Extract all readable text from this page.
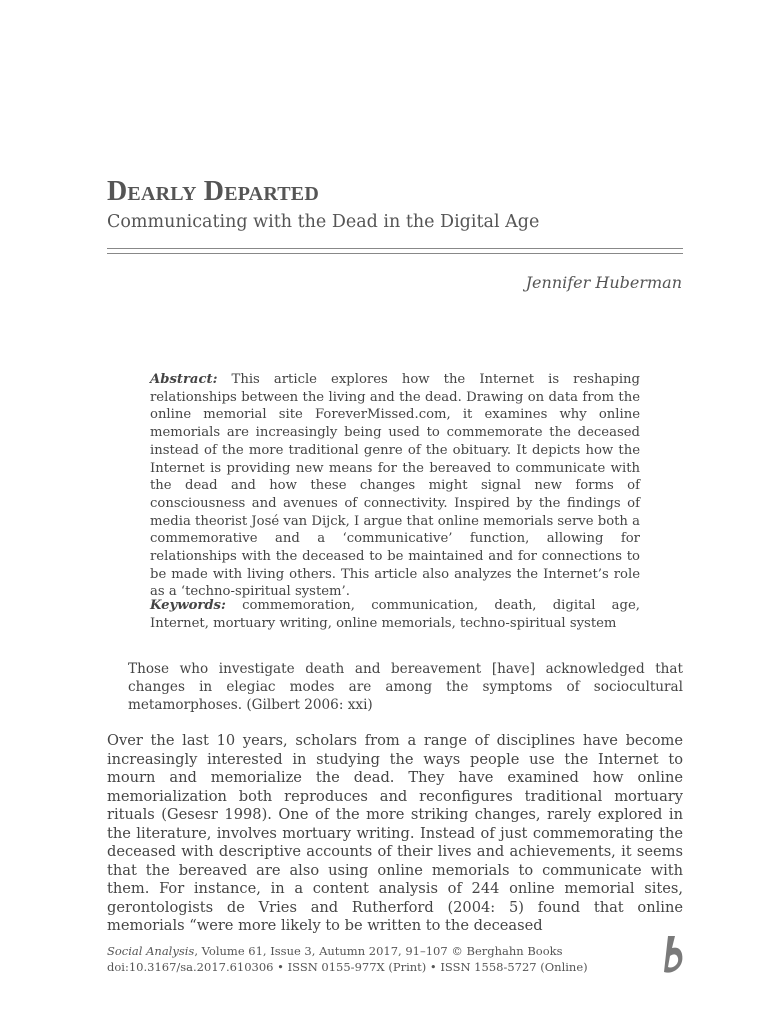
Dearly Departed
Communicating with the Dead in the Digital Age
Jennifer Huberman

Abstract: This article explores how the Internet is reshaping relationships between the living and the dead. Drawing on data from the online memorial site ForeverMissed.com, it examines why online memorials are increasingly being used to commemorate the deceased instead of the more traditional genre of the obituary. It depicts how the Internet is providing new means for the bereaved to communicate with the dead and how these changes might signal new forms of consciousness and avenues of connectivity. Inspired by the findings of media theorist José van Dijck, I argue that online memorials serve both a commemorative and a ‘communicative’ function, allowing for relationships with the deceased to be maintained and for connections to be made with living others. This article also analyzes the Internet’s role as a ‘techno-spiritual system’.

Keywords: commemoration, communication, death, digital age, Internet, mortuary writing, online memorials, techno-spiritual system

Those who investigate death and bereavement [have] acknowledged that changes in elegiac modes are among the symptoms of sociocultural metamorphoses. (Gilbert 2006: xxi)

Over the last 10 years, scholars from a range of disciplines have become increasingly interested in studying the ways people use the Internet to mourn and memorialize the dead. They have examined how online memorialization both reproduces and reconfigures traditional mortuary rituals (Gesesr 1998). One of the more striking changes, rarely explored in the literature, involves mortuary writing. Instead of just commemorating the deceased with descriptive accounts of their lives and achievements, it seems that the bereaved are also using online memorials to communicate with them. For instance, in a content analysis of 244 online memorial sites, gerontologists de Vries and Rutherford (2004: 5) found that online memorials “were more likely to be written to the deceased

Social Analysis, Volume 61, Issue 3, Autumn 2017, 91–107 © Berghahn Books
doi:10.3167/sa.2017.610306 • ISSN 0155-977X (Print) • ISSN 1558-5727 (Online)
